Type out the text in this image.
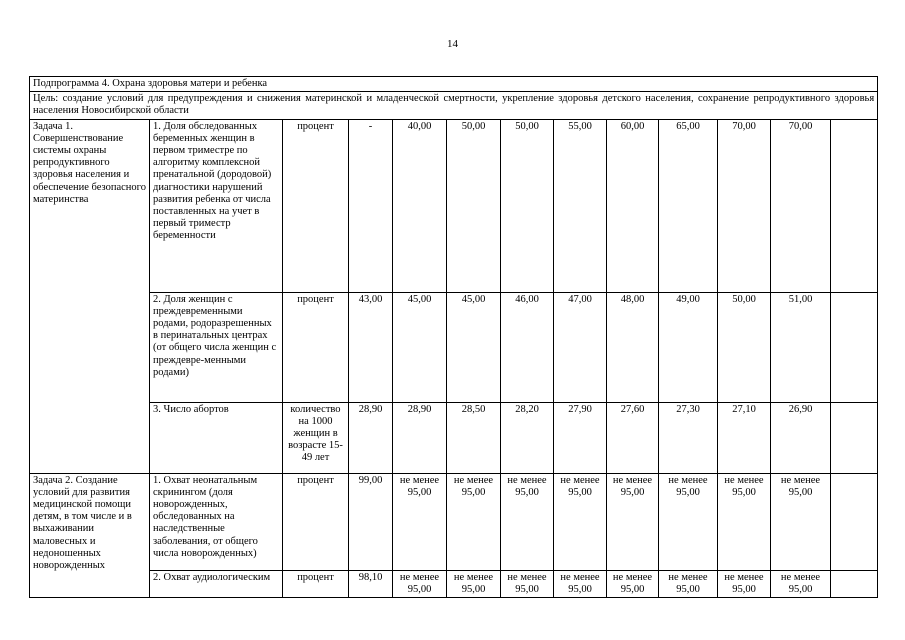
14
Подпрограмма 4. Охрана здоровья матери и ребенка												
Цель: создание условий для предупреждения и снижения материнской и младенческой смертности, укрепление здоровья детского населения, сохранение репродуктивного здоровья населения Новосибирской области												
Задача 1. Совершенствование системы охраны репродуктивного здоровья населения и обеспечение безопасного материнства	1. Доля обследованных беременных женщин в первом триместре по алгоритму комплексной пренатальной (дородовой) диагностики нарушений развития ребенка от числа поставленных на учет в первый триместр беременности	процент	-	40,00	50,00	50,00	55,00	60,00	65,00	70,00	70,00	
	2. Доля женщин с преждевременными родами, родоразрешенных в перинатальных центрах (от общего числа женщин с преждевре-менными родами)	процент	43,00	45,00	45,00	46,00	47,00	48,00	49,00	50,00	51,00	
	3. Число абортов	количество на 1000 женщин в возрасте 15-49 лет	28,90	28,90	28,50	28,20	27,90	27,60	27,30	27,10	26,90	
Задача 2. Создание условий для развития медицинской помощи детям, в том числе и в выхаживании маловесных и недоношенных новорожденных	1. Охват неонатальным скринингом (доля новорожденных, обследованных на наследственные заболевания, от общего числа новорожденных)	процент	99,00	не менее 95,00	не менее 95,00	не менее 95,00	не менее 95,00	не менее 95,00	не менее 95,00	не менее 95,00	не менее 95,00	
	2. Охват аудиологическим	процент	98,10	не менее 95,00	не менее 95,00	не менее 95,00	не менее 95,00	не менее 95,00	не менее 95,00	не менее 95,00	не менее 95,00	
